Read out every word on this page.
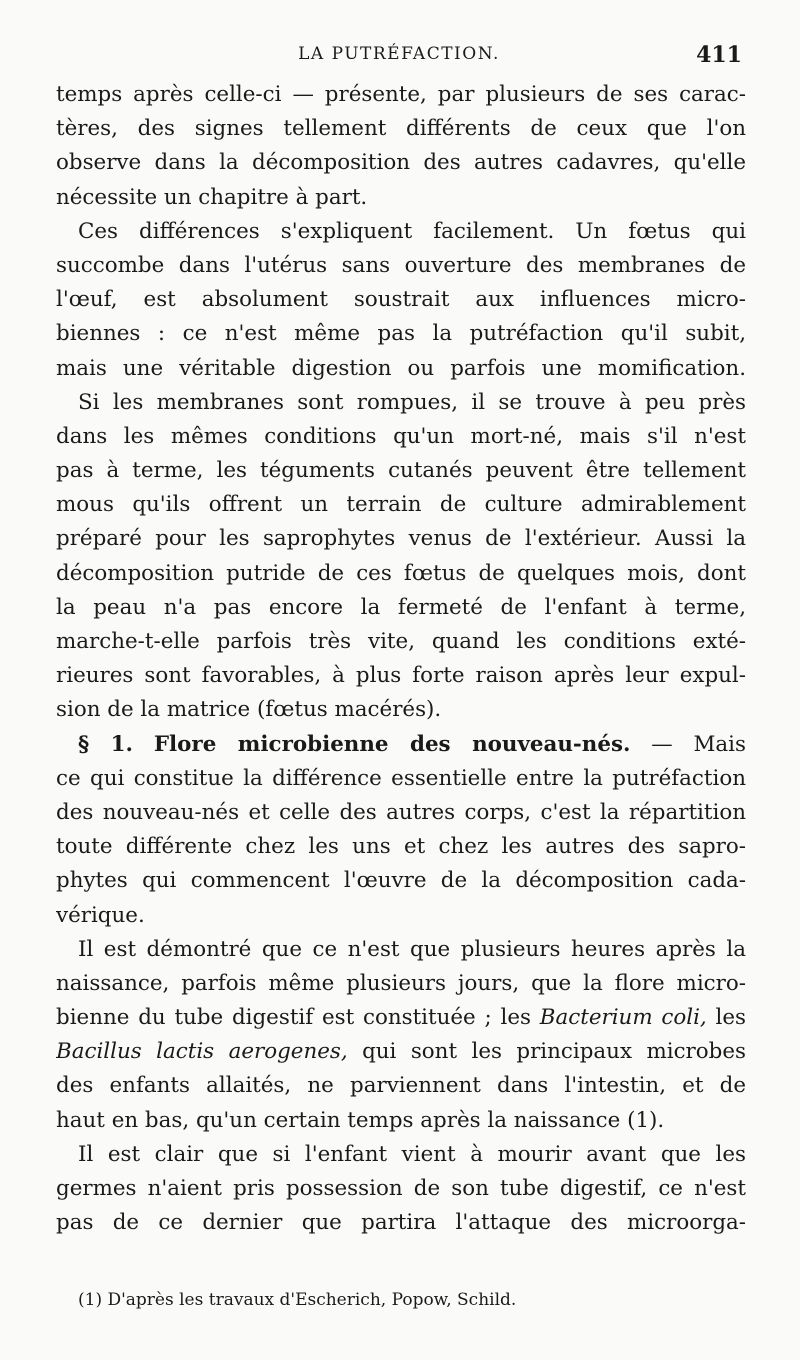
LA PUTRÉFACTION.	411
temps après celle-ci — présente, par plusieurs de ses carac-
tères, des signes tellement différents de ceux que l'on
observe dans la décomposition des autres cadavres, qu'elle
nécessite un chapitre à part.
Ces différences s'expliquent facilement. Un fœtus qui
succombe dans l'utérus sans ouverture des membranes de
l'œuf, est absolument soustrait aux influences micro-
biennes : ce n'est même pas la putréfaction qu'il subit,
mais une véritable digestion ou parfois une momification.
Si les membranes sont rompues, il se trouve à peu près
dans les mêmes conditions qu'un mort-né, mais s'il n'est
pas à terme, les téguments cutanés peuvent être tellement
mous qu'ils offrent un terrain de culture admirablement
préparé pour les saprophytes venus de l'extérieur. Aussi la
décomposition putride de ces fœtus de quelques mois, dont
la peau n'a pas encore la fermeté de l'enfant à terme,
marche-t-elle parfois très vite, quand les conditions exté-
rieures sont favorables, à plus forte raison après leur expul-
sion de la matrice (fœtus macérés).
§ 1. Flore microbienne des nouveau-nés. — Mais
ce qui constitue la différence essentielle entre la putréfaction
des nouveau-nés et celle des autres corps, c'est la répartition
toute différente chez les uns et chez les autres des sapro-
phytes qui commencent l'œuvre de la décomposition cada-
vérique.
Il est démontré que ce n'est que plusieurs heures après la
naissance, parfois même plusieurs jours, que la flore micro-
bienne du tube digestif est constituée ; les Bacterium coli, les
Bacillus lactis aerogenes, qui sont les principaux microbes
des enfants allaités, ne parviennent dans l'intestin, et de
haut en bas, qu'un certain temps après la naissance (1).
Il est clair que si l'enfant vient à mourir avant que les
germes n'aient pris possession de son tube digestif, ce n'est
pas de ce dernier que partira l'attaque des microorga-
(1) D'après les travaux d'Escherich, Popow, Schild.
